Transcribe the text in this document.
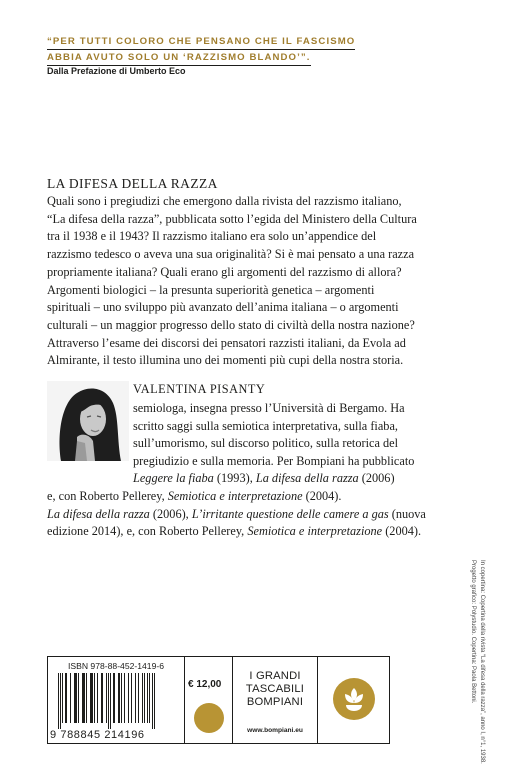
“PER TUTTI COLORO CHE PENSANO CHE IL FASCISMO
ABBIA AVUTO SOLO UN ‘RAZZISMO BLANDO’”.
Dalla Prefazione di Umberto Eco
LA DIFESA DELLA RAZZA
Quali sono i pregiudizi che emergono dalla rivista del razzismo italiano, “La difesa della razza”, pubblicata sotto l’egida del Ministero della Cultura tra il 1938 e il 1943? Il razzismo italiano era solo un’appendice del razzismo tedesco o aveva una sua originalità? Si è mai pensato a una razza propriamente italiana? Quali erano gli argomenti del razzismo di allora? Argomenti biologici – la presunta superiorità genetica – argomenti spirituali – uno sviluppo più avanzato dell’anima italiana – o argomenti culturali – un maggior progresso dello stato di civiltà della nostra nazione? Attraverso l’esame dei discorsi dei pensatori razzisti italiani, da Evola ad Almirante, il testo illumina uno dei momenti più cupi della nostra storia.
VALENTINA PISANTY
semiologa, insegna presso l’Università di Bergamo. Ha scritto saggi sulla semiotica interpretativa, sulla fiaba, sull’umorismo, sul discorso politico, sulla retorica del pregiudizio e sulla memoria. Per Bompiani ha pubblicato Leggere la fiaba (1993), La difesa della razza (2006)
e, con Roberto Pellerey, Semiotica e interpretazione (2004).
La difesa della razza (2006), L’irritante questione delle camere a gas (nuova edizione 2014), e, con Roberto Pellerey, Semiotica e interpretazione (2004).
In copertina: Copertina della rivista “La difesa della razza”, anno I, n°1, 1938.
Progetto grafico: Polystudio. Copertina: Paola Bettoni.
ISBN 978-88-452-1419-6
9 788845 214196
€ 12,00
I GRANDI
TASCABILI
BOMPIANI
www.bompiani.eu
